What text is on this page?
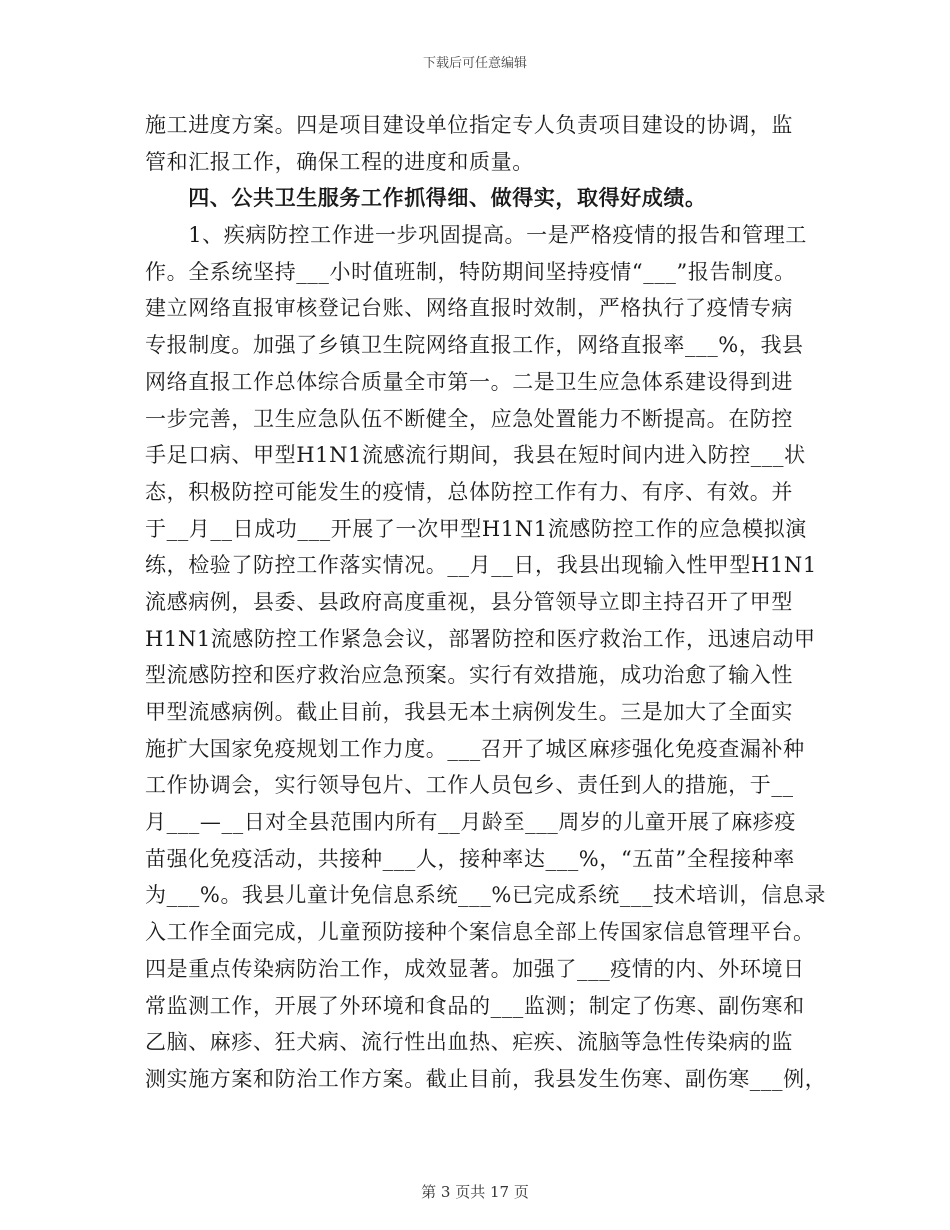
下载后可任意编辑
施工进度方案。四是项目建设单位指定专人负责项目建设的协调，监
管和汇报工作，确保工程的进度和质量。
　　四、公共卫生服务工作抓得细、做得实，取得好成绩。
　　1、疾病防控工作进一步巩固提高。一是严格疫情的报告和管理工
作。全系统坚持___小时值班制，特防期间坚持疫情“___”报告制度。
建立网络直报审核登记台账、网络直报时效制，严格执行了疫情专病
专报制度。加强了乡镇卫生院网络直报工作，网络直报率___%，我县
网络直报工作总体综合质量全市第一。二是卫生应急体系建设得到进
一步完善，卫生应急队伍不断健全，应急处置能力不断提高。在防控
手足口病、甲型H1N1流感流行期间，我县在短时间内进入防控___状
态，积极防控可能发生的疫情，总体防控工作有力、有序、有效。并
于__月__日成功___开展了一次甲型H1N1流感防控工作的应急模拟演
练，检验了防控工作落实情况。__月__日，我县出现输入性甲型H1N1
流感病例，县委、县政府高度重视，县分管领导立即主持召开了甲型
H1N1流感防控工作紧急会议，部署防控和医疗救治工作，迅速启动甲
型流感防控和医疗救治应急预案。实行有效措施，成功治愈了输入性
甲型流感病例。截止目前，我县无本土病例发生。三是加大了全面实
施扩大国家免疫规划工作力度。___召开了城区麻疹强化免疫查漏补种
工作协调会，实行领导包片、工作人员包乡、责任到人的措施，于__
月___—__日对全县范围内所有__月龄至___周岁的儿童开展了麻疹疫
苗强化免疫活动，共接种___人，接种率达___%，“五苗”全程接种率
为___%。我县儿童计免信息系统___%已完成系统___技术培训，信息录
入工作全面完成，儿童预防接种个案信息全部上传国家信息管理平台。
四是重点传染病防治工作，成效显著。加强了___疫情的内、外环境日
常监测工作，开展了外环境和食品的___监测；制定了伤寒、副伤寒和
乙脑、麻疹、狂犬病、流行性出血热、疟疾、流脑等急性传染病的监
测实施方案和防治工作方案。截止目前，我县发生伤寒、副伤寒___例，
第 3 页共 17 页
